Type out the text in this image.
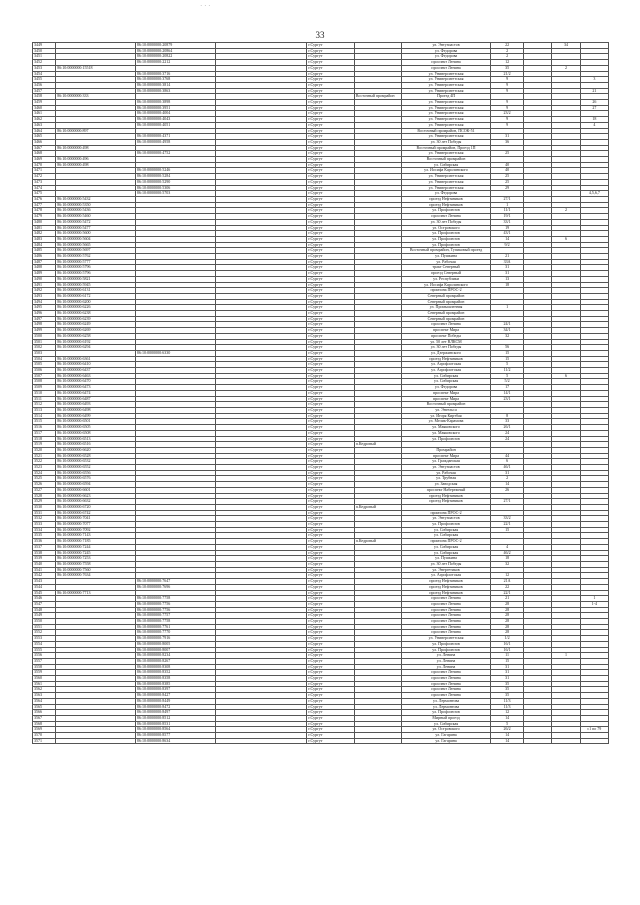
· · ·
33
3449		86:10:0000000:20879		г.Сургут		ул. Энтузиастов	22		34	
3450		86:10:0000000:20864		г.Сургут		ул. Федорова	2			
3451		86:10:0000000:20822		г.Сургут		ул. Федорова	2			
3452		86:10:0000000:2212		г.Сургут		проспект Ленина	12			
3453	86:10:0000000:15518			г.Сургут		проспект Ленина	35		2	
3454		86:10:0000000:3716		г.Сургут		ул. Университетская	21/2			
3455		86:10:0000000:3768		г.Сургут		ул. Университетская	9			3
3456		86:10:0000000:3814		г.Сургут		ул. Университетская	9			
3457		86:10:0000000:3863		г.Сургут		ул. Университетская	9			21
3458	86:10:0000000:333			г.Сургут	Восточный промрайон	Проезд 4П				
3459		86:10:0000000:3898		г.Сургут		ул. Университетская	9			26
3460		86:10:0000000:3951		г.Сургут		ул. Университетская	9			27
3461		86:10:0000000:4004		г.Сургут		ул. Университетская	23/2			
3462		86:10:0000000:4043		г.Сургут		ул. Университетская	9			18
3463		86:10:0000000:4051		г.Сургут		ул. Университетская	9			4
3464	86:10:0000000:897			г.Сургут		Восточный промрайон, ПСОК-51				
3465		86:10:0000000:4371		г.Сургут		ул. Университетская	31			
3466		86:10:0000000:4958		г.Сургут		ул. 30 лет Победы	36			
3467	86:10:0000000:498			г.Сургут		Восточный промрайон, Проезд 1П				
3468		86:10:0000000:4752		г.Сургут		ул. Университетская	25			
3469	86:10:0000000:496			г.Сургут		Восточный промрайон				
3470	86:10:0000000:498			г.Сургут		ул. Сибирская	40			
3471		86:10:0000000:5246		г.Сургут		ул. Иосифа Каролинского	40			
3472		86:10:0000000:5284		г.Сургут		ул. Университетская	25			
3473		86:10:0000000:5290		г.Сургут		ул. Университетская	25			
3474		86:10:0000000:5306		г.Сургут		ул. Университетская	29			
3475		86:10:0000000:5703		г.Сургут		ул. Федорова				4,5,6,7
3476	86:10:0000000:5432			г.Сургут		проезд Нефтяников	27/1			
3477	86:10:0000000:5350			г.Сургут		проезд Нефтяников	1			
3478	86:10:0000000:5436			г.Сургут		ул. Профсоюзов	11/1		2	
3479	86:10:0000000:5460			г.Сургут		проспект Ленина	19/1			
3480	86:10:0000000:5472			г.Сургут		ул. 30 лет Победы	33/1			
3481	86:10:0000000:5477			г.Сургут		ул. Островского	19			
3482	86:10:0000000:5600			г.Сургут		ул. Профсоюзов	43/1			
3483	86:10:0000000:5604			г.Сургут		ул. Профсоюзов	14		6	
3484	86:10:0000000:5665			г.Сургут		ул. Профсоюзов	9/2			
3485	86:10:0000000:5697			г.Сургут		Восточный промрайон, Тупиковый проезд				
3486	86:10:0000000:5762			г.Сургут		ул. Пушкина	21			
3487	86:10:0000000:5777			г.Сургут		ул. Рабочая	33А			
3488	86:10:0000000:5796			г.Сургут		тракт Северный	31			
3489	86:10:0000000:5796			г.Сургут		проезд Северный	31			
3490	86:10:0000000:5821			г.Сургут		ул. Республики	13			
3491	86:10:0000000:5945			г.Сургут		ул. Иосифа Каролинского	18			
3492	86:10:0000000:6131			г.Сургут		промзона ПРОС-2				
3493	86:10:0000000:6172			г.Сургут		Северный промрайон				
3494	86:10:0000000:6200			г.Сургут		Северный промрайон				
3495	86:10:0000000:6226			г.Сургут		ул. Промышленная	1			
3496	86:10:0000000:6238			г.Сургут		Северный промрайон				
3497	86:10:0000000:6239			г.Сургут		Северный промрайон				
3498	86:10:0000000:6249			г.Сургут		проспект Ленина	24/1			
3499	86:10:0000000:6269			г.Сургут		проспект Мира	34/1			
3500	86:10:0000000:6258			г.Сургут		проспект Победы	32			
3501	86:10:0000000:6192			г.Сургут		ул. 50 лет ВЛКСМ				
3502	86:10:0000000:6294			г.Сургут		ул. 30 лет Победы	56			
3503		86:10:0000000:6330		г.Сургут		ул. Дзержинского	15			
3504	86:10:0000000:6361			г.Сургут		проезд Нефтяников	15			
3505	86:10:0000000:6410			г.Сургут		ул. Аэрофлотская	5			
3506	86:10:0000000:6437			г.Сургут		ул. Аэрофлотская	11/2			
3507	86:10:0000000:6463			г.Сургут		ул. Сибирская	5		6	
3508	86:10:0000000:6470			г.Сургут		ул. Сибирская	5/2			
3509	86:10:0000000:6473			г.Сургут		ул. Федорова	17			
3510	86:10:0000000:6474			г.Сургут		проспект Мира	14/1			
3511	86:10:0000000:6487			г.Сургут		проспект Мира	23/1			
3512	86:10:0000000:6493			г.Сургут		Восточный промрайон				
3513	86:10:0000000:6498			г.Сургут		ул. Энгельса				
3514	86:10:0000000:6499			г.Сургут		ул. Игоря Киртбая	8			
3515	86:10:0000000:6501			г.Сургут		ул. Мелик-Карамова	33			
3516	86:10:0000000:6505			г.Сургут		ул. Маяковского	26/1			
3517	86:10:0000000:6508			г.Сургут		ул. Маяковского	24			
3518	86:10:0000000:6513			г.Сургут		ул. Профсоюзов	24			
3519	86:10:0000000:6516			г.Сургут	п.Кедровый					
3520	86:10:0000000:6620			г.Сургут		Промрайон				
3521	86:10:0000000:6528			г.Сургут		проспект Мира	44			
3522	86:10:0000000:6532			г.Сургут		ул. Гражданская	6			
3523	86:10:0000000:6552			г.Сургут		ул. Энтузиастов	46/1			
3524	86:10:0000000:6556			г.Сургут		ул. Рабочая	31			
3525	86:10:0000000:6576			г.Сургут		ул. Трубная	2			
3526	86:10:0000000:6594			г.Сургут		ул. Заводская	14			
3527	86:10:0000000:6601			г.Сургут		проспект Набережный	26			
3528	86:10:0000000:6623			г.Сургут		проезд Нефтяников				
3529	86:10:0000000:6632			г.Сургут		проезд Нефтяников	27/1			
3530	86:10:0000000:6720			г.Сургут	п.Кедровый					
3531	86:10:0000000:6742			г.Сургут		промзона ПРОС-2				
3532	86:10:0000000:7041			г.Сургут		ул. Энтузиастов	33/2			
3533	86:10:0000000:7077			г.Сургут		ул. Профсоюзов	22/1			
3534	86:10:0000000:7092			г.Сургут		ул. Сибирская	15			
3535	86:10:0000000:7143			г.Сургут		ул. Сибирская				
3536	86:10:0000000:7185			г.Сургут	п.Кедровый	промзона ПРОС-2				
3537	86:10:0000000:7244			г.Сургут		ул. Сибирская	4			
3538	86:10:0000000:7245			г.Сургут		ул. Сибирская	46/2			
3539	86:10:0000000:7253			г.Сургут		ул. Пушкина	18			
3540	86:10:0000000:7558			г.Сургут		ул. 30 лет Победы	32			
3541	86:10:0000000:7560			г.Сургут		ул. Энергетиков				
3542	86:10:0000000:7634			г.Сургут		ул. Аэрофлотская	12			
3543		86:10:0000000:7647		г.Сургут		проезд Нефтяников	21А			
3544		86:10:0000000:7696		г.Сургут		проезд Нефтяников	22			
3545	86:10:0000000:7713			г.Сургут		проезд Нефтяников	22/1			
3546		86:10:0000000:7758		г.Сургут		проспект Ленина	21			1
3547		86:10:0000000:7756		г.Сургут		проспект Ленина	28			1-4
3548		86:10:0000000:7756		г.Сургут		проспект Ленина	28			
3549		86:10:0000000:7757		г.Сургут		проспект Ленина	28			
3550		86:10:0000000:7758		г.Сургут		проспект Ленина	28			
3551		86:10:0000000:7761		г.Сургут		проспект Ленина	28			
3552		86:10:0000000:7770		г.Сургут		проспект Ленина	28			
3553		86:10:0000000:7916		г.Сургут		ул. Университетская	1/2			
3554		86:10:0000000:8005		г.Сургут		ул. Профсоюзов	16/1			
3555		86:10:0000000:8007		г.Сургут		ул. Профсоюзов	16/1			
3556		86:10:0000000:8234		г.Сургут		ул. Ленина	11		1	
3557		86:10:0000000:8267		г.Сургут		ул. Ленина	15			
3558		86:10:0000000:8308		г.Сургут		ул. Ленина	31			
3559		86:10:0000000:8352		г.Сургут		проспект Ленина	31			
3560		86:10:0000000:8358		г.Сургут		проспект Ленина	31			
3561		86:10:0000000:8385		г.Сургут		проспект Ленина	35			
3562		86:10:0000000:8397		г.Сургут		проспект Ленина	35			
3563		86:10:0000000:8427		г.Сургут		проспект Ленина	35			
3564		86:10:0000000:8449		г.Сургут		ул. Лермонтова	11/3			
3565		86:10:0000000:8472		г.Сургут		ул. Лермонтова	11/3			
3566		86:10:0000000:8497		г.Сургут		ул. Профсоюзов	12			
3567		86:10:0000000:8512		г.Сургут		Мирный проезд	14			
3568		86:10:0000000:8531		г.Сургут		ул. Сибирская	5			
3569		86:10:0000000:8564		г.Сургут		ул. Островского	26/2			с1 по 79
3570		86:10:0000000:8577		г.Сургут		ул. Гагарина	14			
3571		86:10:0000000:8634		г.Сургут		ул. Гагарина	14			
